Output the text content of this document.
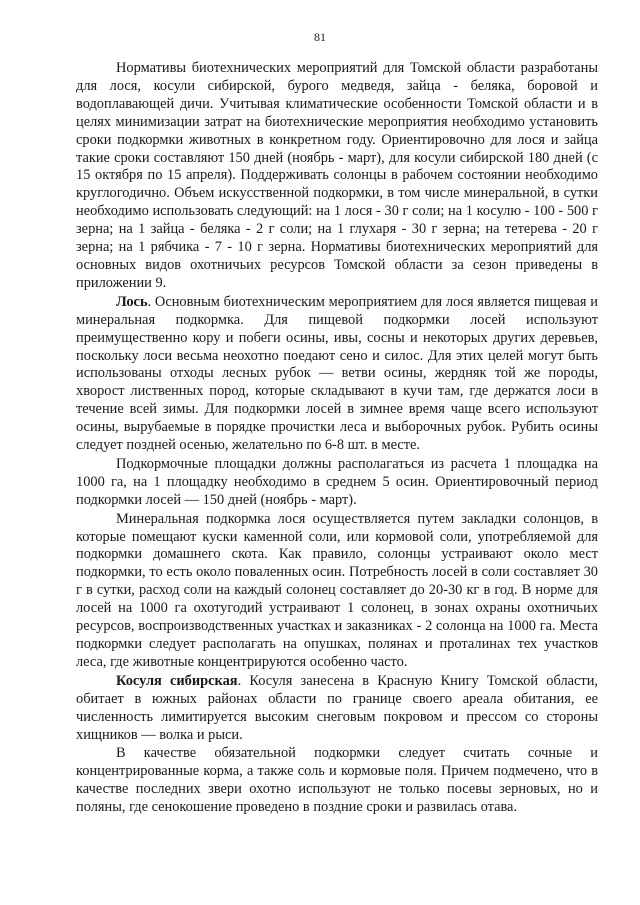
81

Нормативы биотехнических мероприятий для Томской области разработаны для лося, косули сибирской, бурого медведя, зайца - беляка, боровой и водоплавающей дичи. Учитывая климатические особенности Томской области и в целях минимизации затрат на биотехнические мероприятия необходимо установить сроки подкормки животных в конкретном году. Ориентировочно для лося и зайца такие сроки составляют 150 дней (ноябрь - март), для косули сибирской 180 дней (с 15 октября по 15 апреля). Поддерживать солонцы в рабочем состоянии необходимо круглогодично. Объем искусственной подкормки, в том числе минеральной, в сутки необходимо использовать следующий: на 1 лося - 30 г соли; на 1 косулю - 100 - 500 г зерна; на 1 зайца - беляка - 2 г соли; на 1 глухаря - 30 г зерна; на тетерева - 20 г зерна; на 1 рябчика - 7 - 10 г зерна. Нормативы биотехнических мероприятий для основных видов охотничьих ресурсов Томской области за сезон приведены в приложении 9.

Лось. Основным биотехническим мероприятием для лося является пищевая и минеральная подкормка. Для пищевой подкормки лосей используют преимущественно кору и побеги осины, ивы, сосны и некоторых других деревьев, поскольку лоси весьма неохотно поедают сено и силос. Для этих целей могут быть использованы отходы лесных рубок — ветви осины, жердняк той же породы, хворост лиственных пород, которые складывают в кучи там, где держатся лоси в течение всей зимы. Для подкормки лосей в зимнее время чаще всего используют осины, вырубаемые в порядке прочистки леса и выборочных рубок. Рубить осины следует поздней осенью, желательно по 6-8 шт. в месте.

Подкормочные площадки должны располагаться из расчета 1 площадка на 1000 га, на 1 площадку необходимо в среднем 5 осин. Ориентировочный период подкормки лосей — 150 дней (ноябрь - март).

Минеральная подкормка лося осуществляется путем закладки солонцов, в которые помещают куски каменной соли, или кормовой соли, употребляемой для подкормки домашнего скота. Как правило, солонцы устраивают около мест подкормки, то есть около поваленных осин. Потребность лосей в соли составляет 30 г в сутки, расход соли на каждый солонец составляет до 20-30 кг в год. В норме для лосей на 1000 га охотугодий устраивают 1 солонец, в зонах охраны охотничьих ресурсов, воспроизводственных участках и заказниках - 2 солонца на 1000 га. Места подкормки следует располагать на опушках, полянах и проталинах тех участков леса, где животные концентрируются особенно часто.

Косуля сибирская. Косуля занесена в Красную Книгу Томской области, обитает в южных районах области по границе своего ареала обитания, ее численность лимитируется высоким снеговым покровом и прессом со стороны хищников — волка и рыси.

В качестве обязательной подкормки следует считать сочные и концентрированные корма, а также соль и кормовые поля. Причем подмечено, что в качестве последних звери охотно используют не только посевы зерновых, но и поляны, где сенокошение проведено в поздние сроки и развилась отава.
